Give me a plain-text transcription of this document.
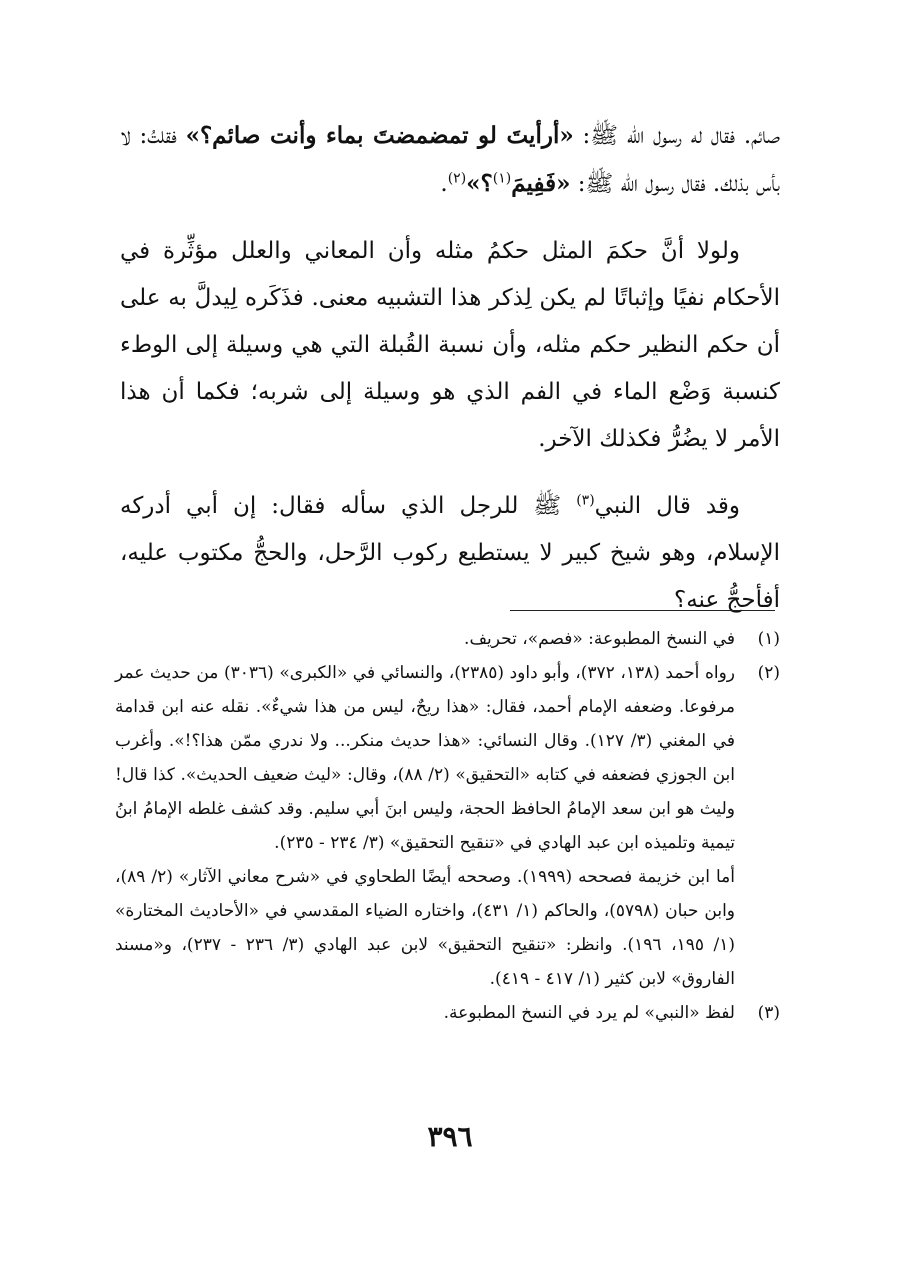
صائم. فقال له رسول الله ﷺ: «أرأيتَ لو تمضمضتَ بماء وأنت صائم؟» فقلتُ: لا بأس بذلك. فقال رسول الله ﷺ: «فَفِيمَ$^{(١)}$؟»$^{(٢)}$.

ولولا أنَّ حكمَ المثل حكمُ مثله وأن المعاني والعلل مؤثِّرة في الأحكام نفيًا وإثباتًا لم يكن لِذكر هذا التشبيه معنى. فذَكَره لِيدلَّ به على أن حكم النظير حكم مثله، وأن نسبة القُبلة التي هي وسيلة إلى الوطء كنسبة وَضْع الماء في الفم الذي هو وسيلة إلى شربه؛ فكما أن هذا الأمر لا يضُرُّ فكذلك الآخر.

وقد قال النبي$^{(٣)}$ ﷺ للرجل الذي سأله فقال: إن أبي أدركه الإسلام، وهو شيخ كبير لا يستطيع ركوب الرَّحل، والحجُّ مكتوب عليه، أفأحجُّ عنه؟

(١)

في النسخ المطبوعة: «فصم»، تحريف.

(٢)

رواه أحمد (١٣٨، ٣٧٢)، وأبو داود (٢٣٨٥)، والنسائي في «الكبرى» (٣٠٣٦) من حديث عمر مرفوعا. وضعفه الإمام أحمد، فقال: «هذا ريحٌ، ليس من هذا شيءٌ». نقله عنه ابن قدامة في المغني (٣/ ١٢٧). وقال النسائي: «هذا حديث منكر... ولا ندري ممّن هذا؟!». وأغرب ابن الجوزي فضعفه في كتابه «التحقيق» (٢/ ٨٨)، وقال: «ليث ضعيف الحديث». كذا قال! وليث هو ابن سعد الإمامُ الحافظ الحجة، وليس ابنَ أبي سليم. وقد كشف غلطه الإمامُ ابنُ تيمية وتلميذه ابن عبد الهادي في «تنقيح التحقيق» (٣/ ٢٣٤ - ٢٣٥).

أما ابن خزيمة فصححه (١٩٩٩). وصححه أيضًا الطحاوي في «شرح معاني الآثار» (٢/ ٨٩)، وابن حبان (٥٧٩٨)، والحاكم (١/ ٤٣١)، واختاره الضياء المقدسي في «الأحاديث المختارة» (١/ ١٩٥، ١٩٦). وانظر: «تنقيح التحقيق» لابن عبد الهادي (٣/ ٢٣٦ - ٢٣٧)، و«مسند الفاروق» لابن كثير (١/ ٤١٧ - ٤١٩).

(٣)

لفظ «النبي» لم يرد في النسخ المطبوعة.

٣٩٦
